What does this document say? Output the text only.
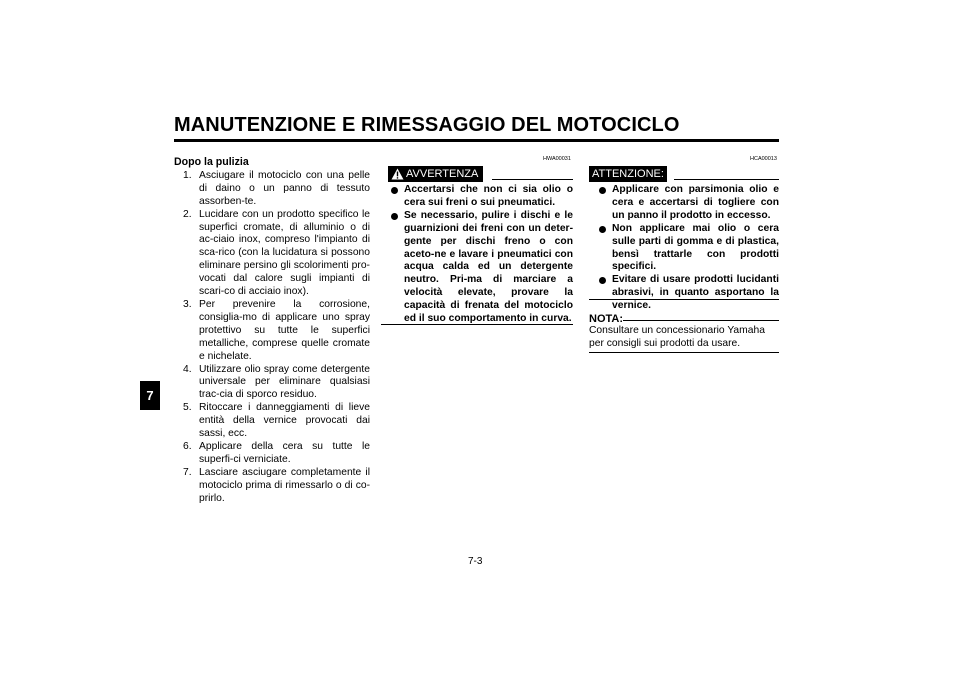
MANUTENZIONE E RIMESSAGGIO DEL MOTOCICLO
7
Dopo la pulizia
1. Asciugare il motociclo con una pelle di daino o un panno di tessuto assorben-te.
2. Lucidare con un prodotto specifico le superfici cromate, di alluminio o di ac-ciaio inox, compreso l'impianto di sca-rico (con la lucidatura si possono eliminare persino gli scolorimenti pro-vocati dal calore sugli impianti di scari-co di acciaio inox).
3. Per prevenire la corrosione, consiglia-mo di applicare uno spray protettivo su tutte le superfici metalliche, comprese quelle cromate e nichelate.
4. Utilizzare olio spray come detergente universale per eliminare qualsiasi trac-cia di sporco residuo.
5. Ritoccare i danneggiamenti di lieve entità della vernice provocati dai sassi, ecc.
6. Applicare della cera su tutte le superfi-ci verniciate.
7. Lasciare asciugare completamente il motociclo prima di rimessarlo o di co-prirlo.
HWA00031
AVVERTENZA
Accertarsi che non ci sia olio o cera sui freni o sui pneumatici.
Se necessario, pulire i dischi e le guarnizioni dei freni con un deter-gente per dischi freno o con aceto-ne e lavare i pneumatici con acqua calda ed un detergente neutro. Pri-ma di marciare a velocità elevate, provare la capacità di frenata del motociclo ed il suo comportamento in curva.
HCA00013
ATTENZIONE:
Applicare con parsimonia olio e cera e accertarsi di togliere con un panno il prodotto in eccesso.
Non applicare mai olio o cera sulle parti di gomma e di plastica, bensì trattarle con prodotti specifici.
Evitare di usare prodotti lucidanti abrasivi, in quanto asportano la vernice.
NOTA:
Consultare un concessionario Yamaha per consigli sui prodotti da usare.
7-3
